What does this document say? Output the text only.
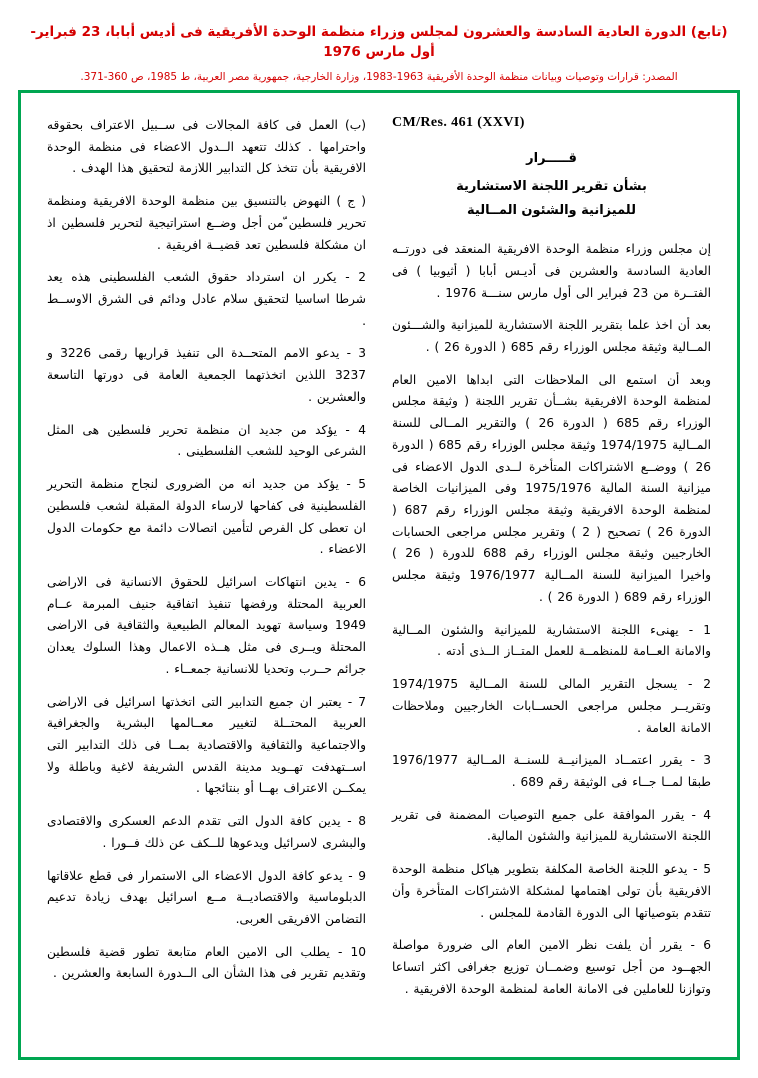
(تابع) الدورة العادية السادسة والعشرون لمجلس وزراء منظمة الوحدة الأفريقية فى أديس أبابا، 23 فبراير- أول مارس 1976
المصدر: قرارات وتوصيات وبيانات منظمة الوحدة الأفريقية 1963-1983، وزارة الخارجية، جمهورية مصر العربية، ط 1985، ص 360-371.
CM/Res. 461 (XXVI)
قـــــرار
بشأن تقرير اللجنة الاستشارية
للميزانية والشئون المــالية

إن مجلس وزراء منظمة الوحدة الافريقية المنعقد فى دورتــه العادية السادسة والعشرين فى أديـس أبابا ( أثيوبيا ) فى الفتــرة من 23 فبراير الى أول مارس سنـــة 1976 .

بعد أن اخذ علما بتقرير اللجنة الاستشارية للميزانية والشـــئون المــالية وثيقة مجلس الوزراء رقم 685 ( الدورة 26 ) .

وبعد أن استمع الى الملاحظات التى ابداها الامين العام لمنظمة الوحدة الافريقية بشــأن تقرير اللجنة ( وثيقة مجلس الوزراء رقم 685 ( الدورة 26 ) والتقرير المــالى للسنة المــالية 1974/1975 وثيقة مجلس الوزراء رقم 685 ( الدورة 26 ) ووضــع الاشتراكات المتأخرة لــدى الدول الاعضاء فى ميزانية السنة المالية 1975/1976 وفى الميزانيات الخاصة لمنظمة الوحدة الافريقية وثيقة مجلس الوزراء رقم 687 ( الدورة 26 ) تصحيح ( 2 ) وتقرير مجلس مراجعى الحسابات الخارجيين وثيقة مجلس الوزراء رقم 688 للدورة ( 26 ) واخيرا الميزانية للسنة المــالية 1976/1977 وثيقة مجلس الوزراء رقم 689 ( الدورة 26 ) .

1 - يهنىء اللجنة الاستشارية للميزانية والشئون المــالية والامانة العــامة للمنظمــة للعمل المتــاز الــذى أدته .

2 - يسجل التقرير المالى للسنة المــالية 1974/1975 وتقريــر مجلس مراجعى الحســابات الخارجيين وملاحظات الامانة العامة .

3 - يقرر اعتمــاد الميزانيــة للسنــة المــالية 1976/1977 طبقا لمــا جــاء فى الوثيقة رقم 689 .

4 - يقرر الموافقة على جميع التوصيات المضمنة فى تقرير اللجنة الاستشارية للميزانية والشئون المالية.

5 - يدعو اللجنة الخاصة المكلفة بتطوير هياكل منظمة الوحدة الافريقية بأن تولى اهتمامها لمشكلة الاشتراكات المتأخرة وأن تتقدم بتوصياتها الى الدورة القادمة للمجلس .

6 - يقرر أن يلفت نظر الامين العام الى ضرورة مواصلة الجهــود من أجل توسيع وضمــان توزيع جغرافى اكثر اتساعا وتوازنا للعاملين فى الامانة العامة لمنظمة الوحدة الافريقية .

(ب) العمل فى كافة المجالات فى ســبيل الاعتراف بحقوقه واحترامها . كذلك تتعهد الــدول الاعضاء فى منظمة الوحدة الافريقية بأن تتخذ كل التدابير اللازمة لتحقيق هذا الهدف .

( ج ) النهوض بالتنسيق بين منظمة الوحدة الافريقية ومنظمة تحرير فلسطين ّمن أجل وضــع استراتيجية لتحرير فلسطين اذ ان مشكلة فلسطين تعد قضيــة افريقية .

2 - يكرر ان استرداد حقوق الشعب الفلسطينى هذه يعد شرطا اساسيا لتحقيق سلام عادل ودائم فى الشرق الاوســط .

3 - يدعو الامم المتحــدة الى تنفيذ قراريها رقمى 3226 و 3237 اللذين اتخذتهما الجمعية العامة فى دورتها التاسعة والعشرين .

4 - يؤكد من جديد ان منظمة تحرير فلسطين هى المثل الشرعى الوحيد للشعب الفلسطينى .

5 - يؤكد من جديد انه من الضرورى لنجاح منظمة التحرير الفلسطينية فى كفاحها لارساء الدولة المقبلة لشعب فلسطين ان تعطى كل الفرص لتأمين اتصالات دائمة مع حكومات الدول الاعضاء .

6 - يدين انتهاكات اسرائيل للحقوق الانسانية فى الاراضى العربية المحتلة ورفضها تنفيذ اتفاقية جنيف المبرمة عــام 1949 وسياسة تهويد المعالم الطبيعية والثقافية فى الاراضى المحتلة ويــرى فى مثل هــذه الاعمال وهذا السلوك يعدان جرائم حــرب وتحديا للانسانية جمعــاء .

7 - يعتبر ان جميع التدابير التى اتخذتها اسرائيل فى الاراضى العربية المحتــلة لتغيير معــالمها البشرية والجغرافية والاجتماعية والثقافية والاقتصادية بمــا فى ذلك التدابير التى اســتهدفت تهــويد مدينة القدس الشريفة لاغية وباطلة ولا يمكــن الاعتراف بهــا أو بنتائجها .

8 - يدين كافة الدول التى تقدم الدعم العسكرى والاقتصادى والبشرى لاسرائيل ويدعوها للــكف عن ذلك فــورا .

9 - يدعو كافة الدول الاعضاء الى الاستمرار فى قطع علاقاتها الدبلوماسية والاقتصاديــة مــع اسرائيل بهدف زيادة تدعيم التضامن الافريقى العربى.

10 - يطلب الى الامين العام متابعة تطور قضية فلسطين وتقديم تقرير فى هذا الشأن الى الــدورة السابعة والعشرين .
